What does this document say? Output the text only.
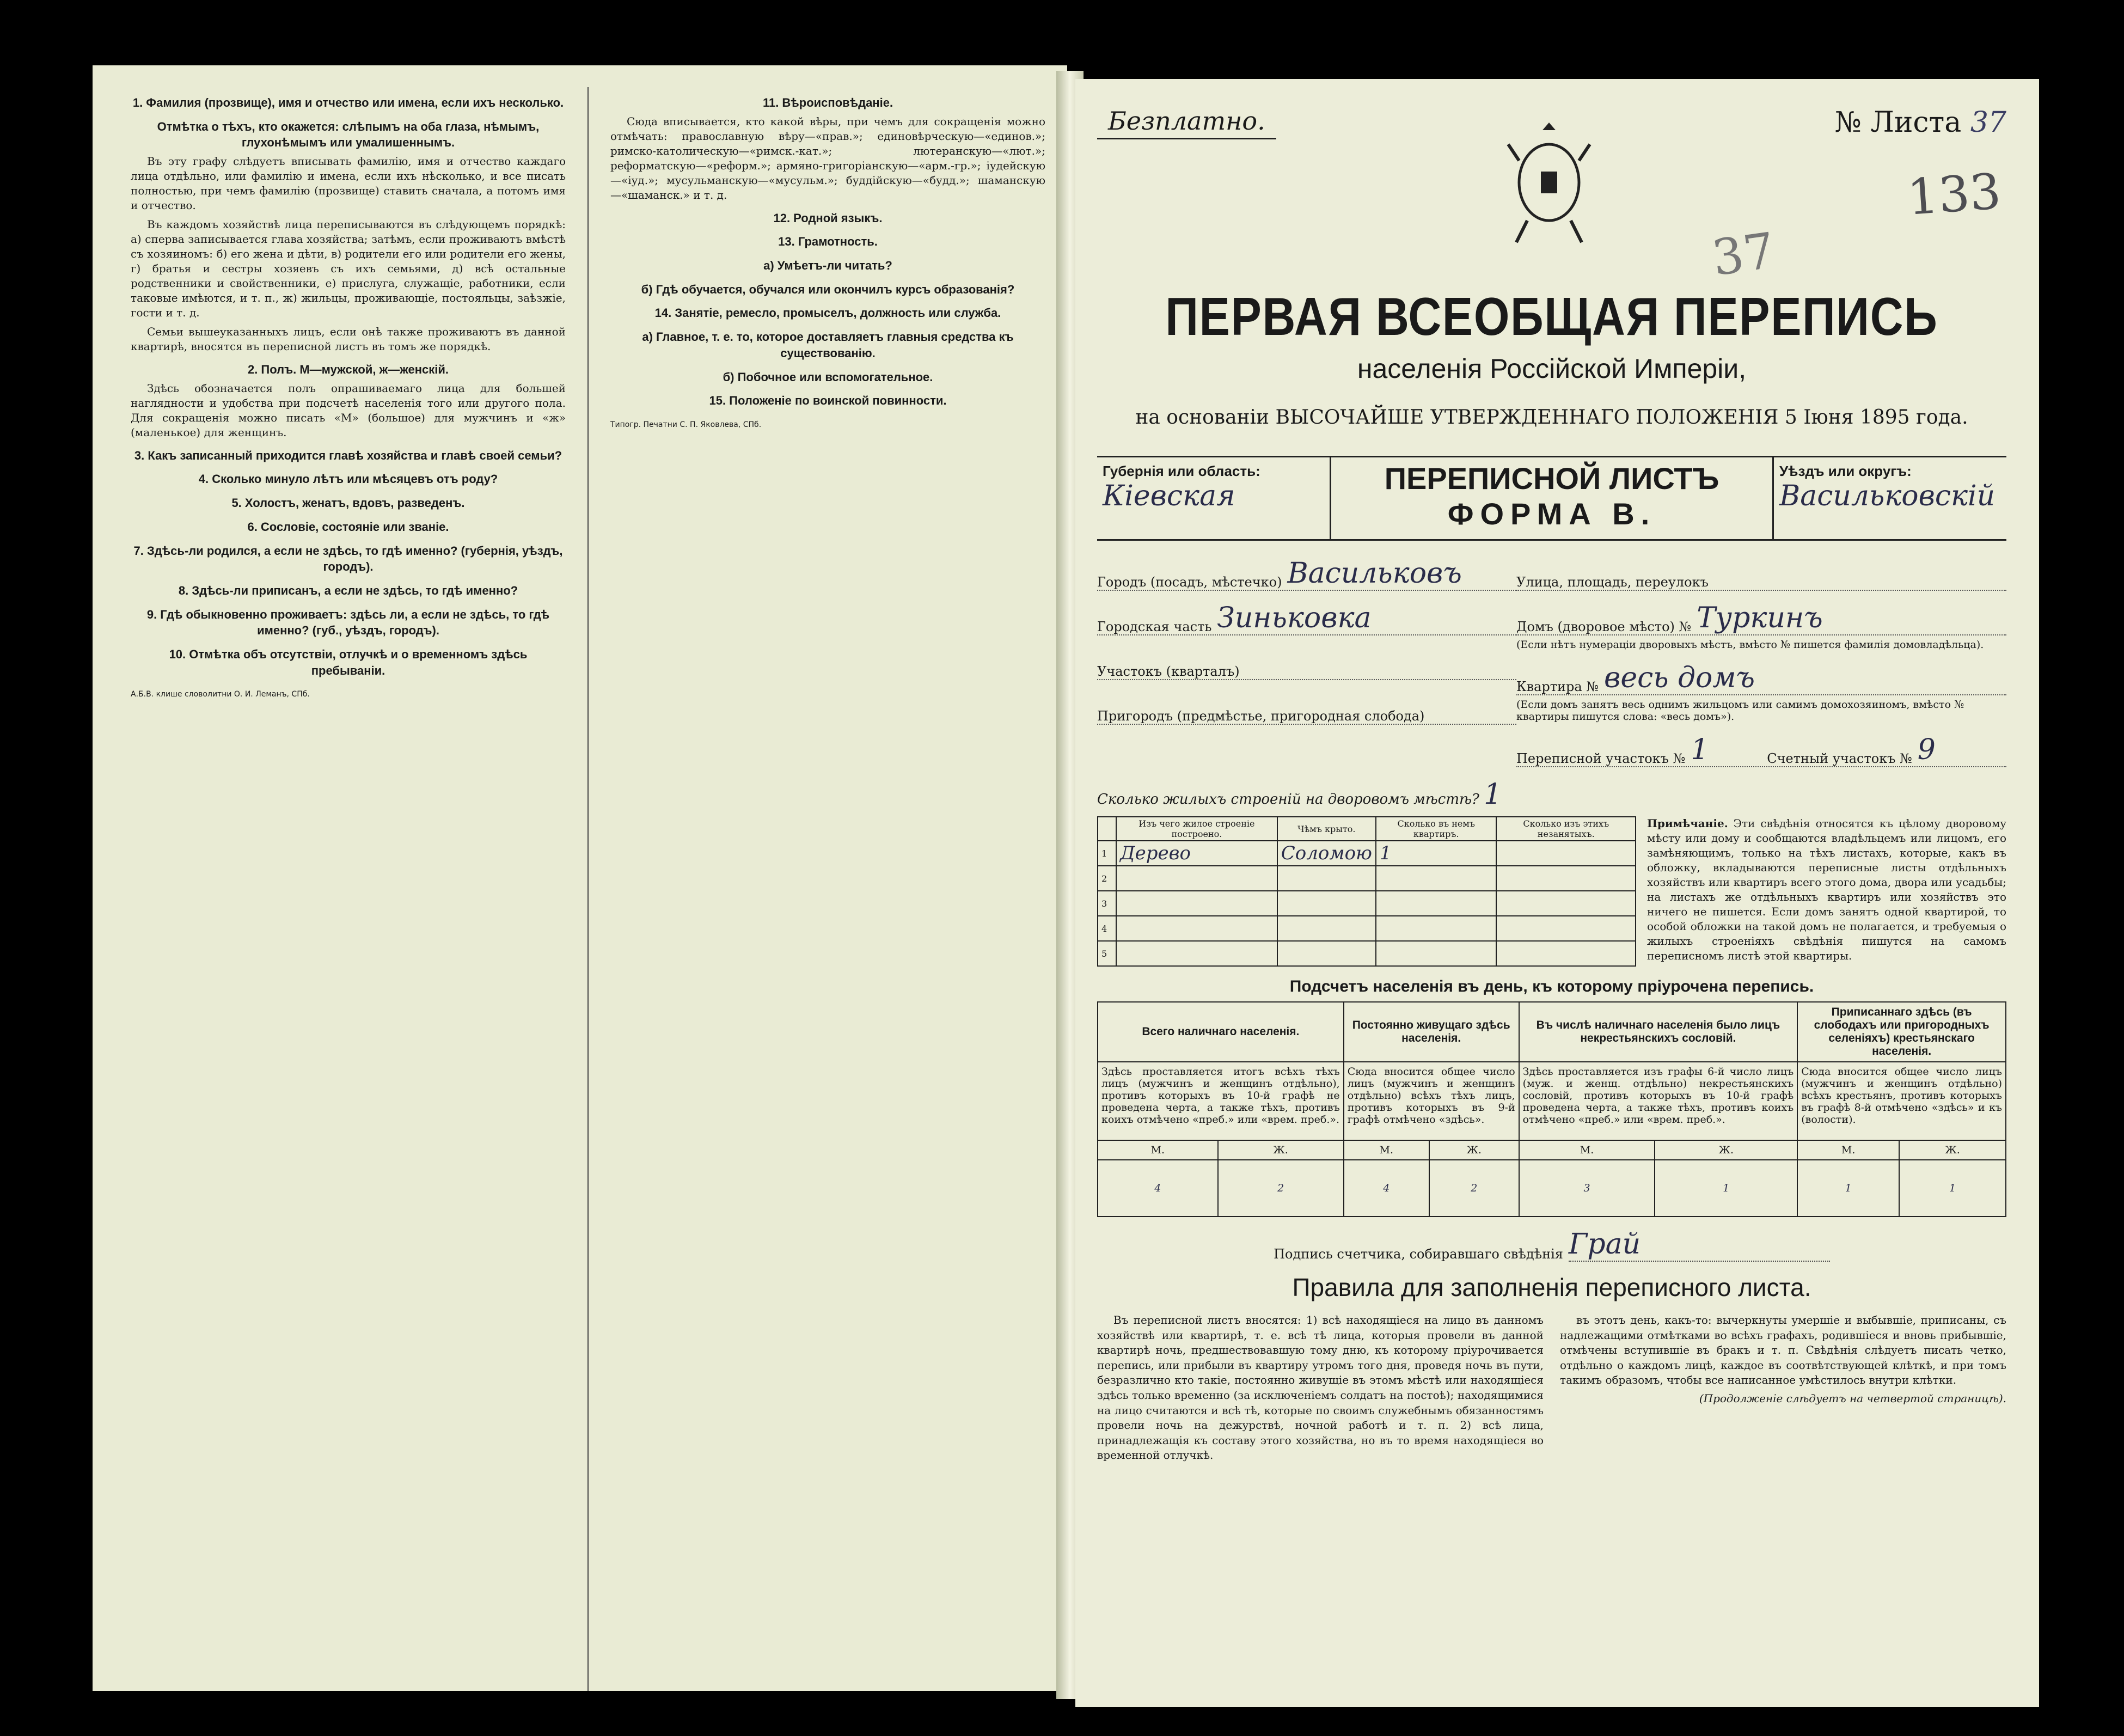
1. Фамилия (прозвище), имя и отчество или имена, если ихъ несколько.
Отмѣтка о тѣхъ, кто окажется: слѣпымъ на оба глаза, нѣмымъ, глухонѣмымъ или умалишеннымъ.

Въ эту графу слѣдуетъ вписывать фамилію, имя и отчество каждаго лица отдѣльно, или фамилію и имена, если ихъ нѣсколько, и все писать полностью, при чемъ фамилію (прозвище) ставить сначала, а потомъ имя и отчество.

Въ каждомъ хозяйствѣ лица переписываются въ слѣдующемъ порядкѣ: а) сперва записывается глава хозяйства; затѣмъ, если проживаютъ вмѣстѣ съ хозяиномъ: б) его жена и дѣти, в) родители его или родители его жены, г) братья и сестры хозяевъ съ ихъ семьями, д) всѣ остальные родственники и свойственники, е) прислуга, служащіе, работники, если таковые имѣются, и т. п., ж) жильцы, проживающіе, постояльцы, заѣзжіе, гости и т. д.

Семьи вышеуказанныхъ лицъ, если онѣ также проживаютъ въ данной квартирѣ, вносятся въ переписной листъ въ томъ же порядкѣ.

2. Полъ. М—мужской, ж—женскій.

Здѣсь обозначается полъ опрашиваемаго лица для большей наглядности и удобства при подсчетѣ населенія того или другого пола. Для сокращенія можно писать «М» (большое) для мужчинъ и «ж» (маленькое) для женщинъ.

3. Какъ записанный приходится главѣ хозяйства и главѣ своей семьи?
4. Сколько минуло лѣтъ или мѣсяцевъ отъ роду?
5. Холостъ, женатъ, вдовъ, разведенъ.
6. Сословіе, состояніе или званіе.
7. Здѣсь-ли родился, а если не здѣсь, то гдѣ именно? (губернія, уѣздъ, городъ).
8. Здѣсь-ли приписанъ, а если не здѣсь, то гдѣ именно?
9. Гдѣ обыкновенно проживаетъ: здѣсь ли, а если не здѣсь, то гдѣ именно? (губ., уѣздъ, городъ).
10. Отмѣтка объ отсутствіи, отлучкѣ и о временномъ здѣсь пребываніи.
А.Б.В. клише словолитни О. И. Леманъ, СПб.
11. Вѣроисповѣданіе.

Сюда вписывается, кто какой вѣры, при чемъ для сокращенія можно отмѣчать: православную вѣру—«прав.»; единовѣрческую—«единов.»; римско-католическую—«римск.-кат.»; лютеранскую—«лют.»; реформатскую—«реформ.»; армяно-григоріанскую—«арм.-гр.»; іудейскую—«іуд.»; мусульманскую—«мусульм.»; буддійскую—«будд.»; шаманскую—«шаманск.» и т. д.

12. Родной языкъ.
13. Грамотность.
а) Умѣетъ-ли читать?
б) Гдѣ обучается, обучался или окончилъ курсъ образованія?
14. Занятіе, ремесло, промыселъ, должность или служба.
а) Главное, т. е. то, которое доставляетъ главныя средства къ существованію.
б) Побочное или вспомогательное.
15. Положеніе по воинской повинности.
Типогр. Печатни С. П. Яковлева, СПб.
Безплатно.	№ Листа 37
133
37
ПЕРВАЯ ВСЕОБЩАЯ ПЕРЕПИСЬ
населенія Россійской Имперіи,
на основаніи ВЫСОЧАЙШЕ УТВЕРЖДЕННАГО ПОЛОЖЕНІЯ 5 Іюня 1895 года.
Губернія или область:
Кіевская
ПЕРЕПИСНОЙ ЛИСТЪ
ФОРМА В.
Уѣздъ или округъ:
Васильковскій
Городъ (посадъ, мѣстечко) Васильковъ
Городская часть Зиньковка
Участокъ (кварталъ)
Пригородъ (предмѣстье, пригородная слобода)
Улица, площадь, переулокъ
Домъ (дворовое мѣсто) № Туркинъ
(Если нѣтъ нумераціи дворовыхъ мѣстъ, вмѣсто № пишется фамилія домовладѣльца).
Квартира № весь домъ
(Если домъ занятъ весь однимъ жильцомъ или самимъ домохозяиномъ, вмѣсто № квартиры пишутся слова: «весь домъ»).
Переписной участокъ № 1	Счетный участокъ № 9
Сколько жилыхъ строеній на дворовомъ мѣстѣ? 1
	Изъ чего жилое строеніе построено.	Чѣмъ крыто.	Сколько въ немъ квартиръ.	Сколько изъ этихъ незанятыхъ.
1	Дерево	Соломою	1	
2				
3				
4				
5				
Примѣчаніе. Эти свѣдѣнія относятся къ цѣлому дворовому мѣсту или дому и сообщаются владѣльцемъ или лицомъ, его замѣняющимъ, только на тѣхъ листахъ, которые, какъ въ обложку, вкладываются переписные листы отдѣльныхъ хозяйствъ или квартиръ всего этого дома, двора или усадьбы; на листахъ же отдѣльныхъ квартиръ или хозяйствъ это ничего не пишется. Если домъ занятъ одной квартирой, то особой обложки на такой домъ не полагается, и требуемыя о жилыхъ строеніяхъ свѣдѣнія пишутся на самомъ переписномъ листѣ этой квартиры.
Подсчетъ населенія въ день, къ которому пріурочена перепись.
Всего наличнаго населенія.		Постоянно живущаго здѣсь населенія.		Въ числѣ наличнаго населенія было лицъ некрестьянскихъ сословій.		Приписаннаго здѣсь (въ слободахъ или пригородныхъ селеніяхъ) крестьянскаго населенія.	
Здѣсь проставляется итогъ всѣхъ тѣхъ лицъ (мужчинъ и женщинъ отдѣльно), противъ которыхъ въ 10-й графѣ не проведена черта, а также тѣхъ, противъ коихъ отмѣчено «преб.» или «врем. преб.».		Сюда вносится общее число лицъ (мужчинъ и женщинъ отдѣльно) всѣхъ тѣхъ лицъ, противъ которыхъ въ 9-й графѣ отмѣчено «здѣсь».		Здѣсь проставляется изъ графы 6-й число лицъ (муж. и женщ. отдѣльно) некрестьянскихъ сословій, противъ которыхъ въ 10-й графѣ проведена черта, а также тѣхъ, противъ коихъ отмѣчено «преб.» или «врем. преб.».		Сюда вносится общее число лицъ (мужчинъ и женщинъ отдѣльно) всѣхъ крестьянъ, противъ которыхъ въ графѣ 8-й отмѣчено «здѣсь» и къ (волости).	
М.	Ж.	М.	Ж.	М.	Ж.	М.	Ж.
4	2	4	2	3	1	1	1
Подпись счетчика, собиравшаго свѣдѣнія Грай
Правила для заполненія переписного листа.

Въ переписной листъ вносятся: 1) всѣ находящіеся на лицо въ данномъ хозяйствѣ или квартирѣ, т. е. всѣ тѣ лица, которыя провели въ данной квартирѣ ночь, предшествовавшую тому дню, къ которому пріурочивается перепись, или прибыли въ квартиру утромъ того дня, проведя ночь въ пути, безразлично кто такіе, постоянно живущіе въ этомъ мѣстѣ или находящіеся здѣсь только временно (за исключеніемъ солдатъ на постоѣ); находящимися на лицо считаются и всѣ тѣ, которые по своимъ служебнымъ обязанностямъ провели ночь на дежурствѣ, ночной работѣ и т. п. 2) всѣ лица, принадлежащія къ составу этого хозяйства, но въ то время находящіеся во временной отлучкѣ.

въ этотъ день, какъ-то: вычеркнуты умершіе и выбывшіе, приписаны, съ надлежащими отмѣтками во всѣхъ графахъ, родившіеся и вновь прибывшіе, отмѣчены вступившіе въ бракъ и т. п. Свѣдѣнія слѣдуетъ писать четко, отдѣльно о каждомъ лицѣ, каждое въ соотвѣтствующей клѣткѣ, и при томъ такимъ образомъ, чтобы все написанное умѣстилось внутри клѣтки.

(Продолженіе слѣдуетъ на четвертой страницѣ).
